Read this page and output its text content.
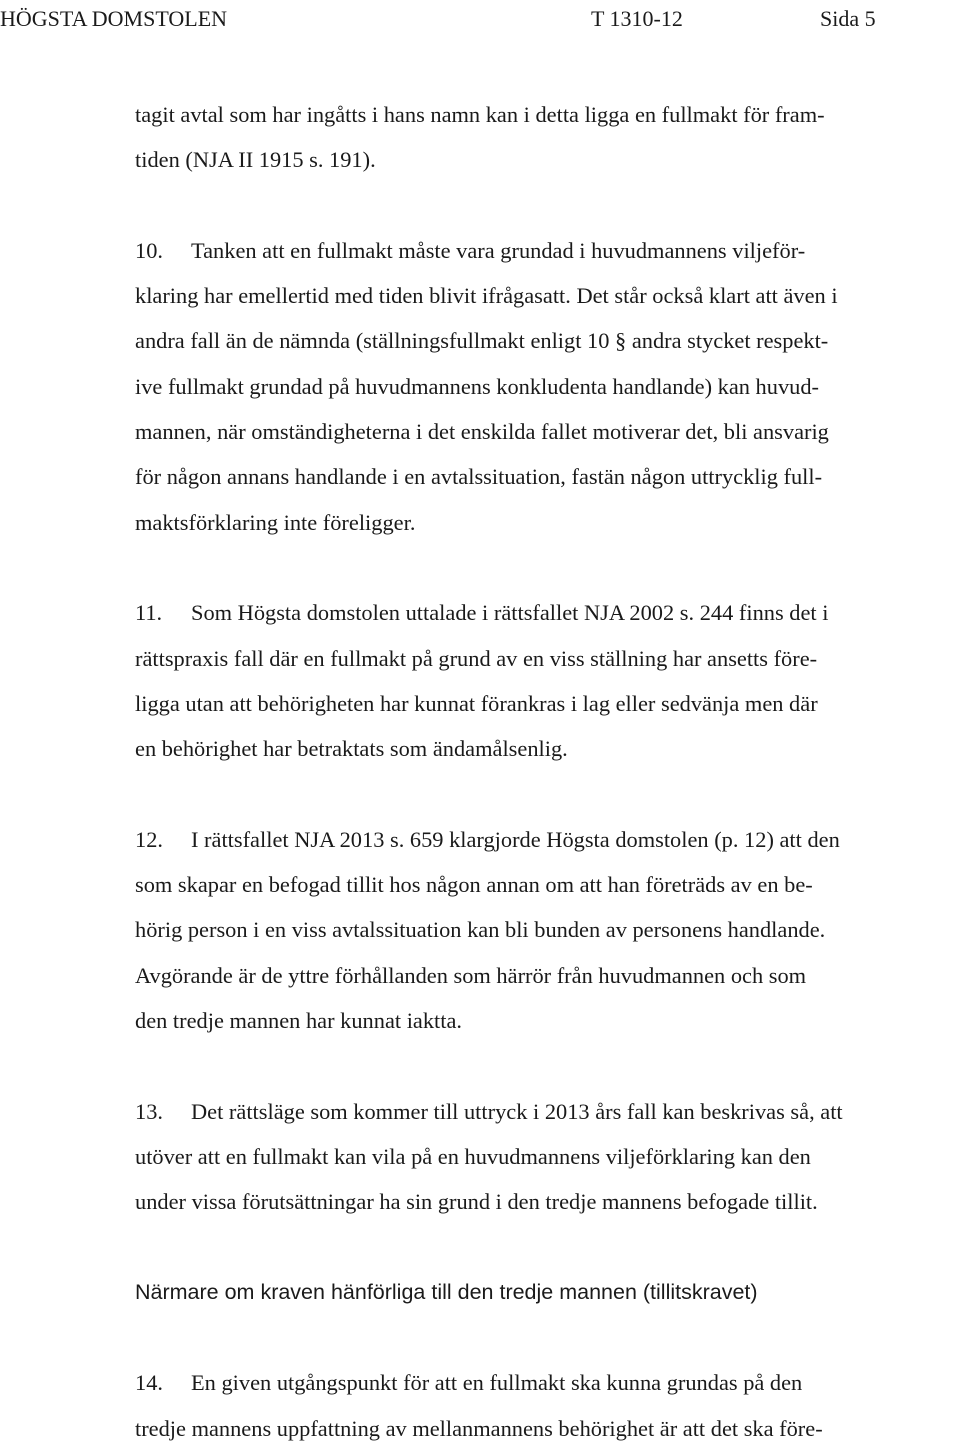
HÖGSTA DOMSTOLEN	T 1310-12	Sida 5
tagit avtal som har ingåtts i hans namn kan i detta ligga en fullmakt för fram-
tiden (NJA II 1915 s. 191).
10. Tanken att en fullmakt måste vara grundad i huvudmannens viljeför-
klaring har emellertid med tiden blivit ifrågasatt. Det står också klart att även i
andra fall än de nämnda (ställningsfullmakt enligt 10 § andra stycket respekt-
ive fullmakt grundad på huvudmannens konkludenta handlande) kan huvud-
mannen, när omständigheterna i det enskilda fallet motiverar det, bli ansvarig
för någon annans handlande i en avtalssituation, fastän någon uttrycklig full-
maktsförklaring inte föreligger.
11. Som Högsta domstolen uttalade i rättsfallet NJA 2002 s. 244 finns det i
rättspraxis fall där en fullmakt på grund av en viss ställning har ansetts före-
ligga utan att behörigheten har kunnat förankras i lag eller sedvänja men där
en behörighet har betraktats som ändamålsenlig.
12. I rättsfallet NJA 2013 s. 659 klargjorde Högsta domstolen (p. 12) att den
som skapar en befogad tillit hos någon annan om att han företräds av en be-
hörig person i en viss avtalssituation kan bli bunden av personens handlande.
Avgörande är de yttre förhållanden som härrör från huvudmannen och som
den tredje mannen har kunnat iaktta.
13. Det rättsläge som kommer till uttryck i 2013 års fall kan beskrivas så, att
utöver att en fullmakt kan vila på en huvudmannens viljeförklaring kan den
under vissa förutsättningar ha sin grund i den tredje mannens befogade tillit.
Närmare om kraven hänförliga till den tredje mannen (tillitskravet)
14. En given utgångspunkt för att en fullmakt ska kunna grundas på den
tredje mannens uppfattning av mellanmannens behörighet är att det ska före-
